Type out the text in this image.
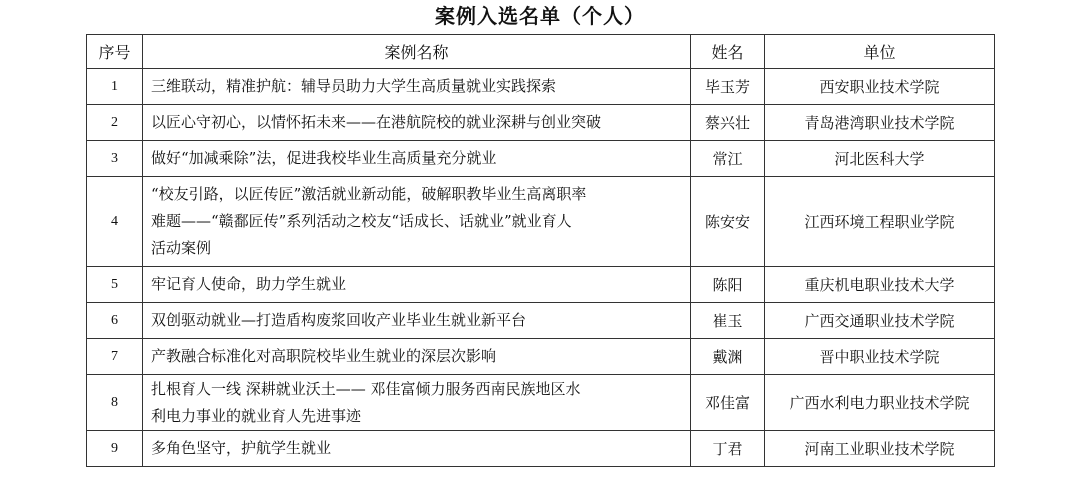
案例入选名单（个人）
序号	案例名称	姓名	单位
1	三维联动，精准护航：辅导员助力大学生高质量就业实践探索	毕玉芳	西安职业技术学院
2	以匠心守初心，以情怀拓未来——在港航院校的就业深耕与创业突破	蔡兴壮	青岛港湾职业技术学院
3	做好“加减乘除”法，促进我校毕业生高质量充分就业	常江	河北医科大学
4	“校友引路，以匠传匠”激活就业新动能，破解职教毕业生高离职率
难题——“赣鄱匠传”系列活动之校友“话成长、话就业”就业育人
活动案例	陈安安	江西环境工程职业学院
5	牢记育人使命，助力学生就业	陈阳	重庆机电职业技术大学
6	双创驱动就业—打造盾构废浆回收产业毕业生就业新平台	崔玉	广西交通职业技术学院
7	产教融合标准化对高职院校毕业生就业的深层次影响	戴渊	晋中职业技术学院
8	扎根育人一线 深耕就业沃土—— 邓佳富倾力服务西南民族地区水
利电力事业的就业育人先进事迹	邓佳富	广西水利电力职业技术学院
9	多角色坚守，护航学生就业	丁君	河南工业职业技术学院
